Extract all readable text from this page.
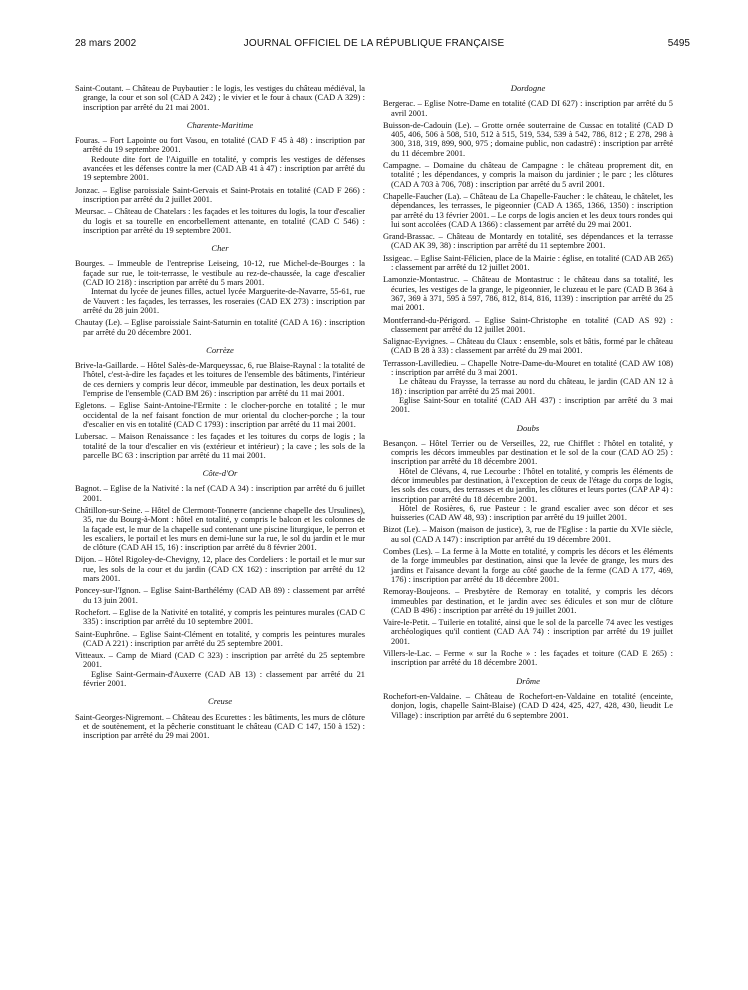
28 mars 2002	JOURNAL OFFICIEL DE LA RÉPUBLIQUE FRANÇAISE	5495
Saint-Coutant. – Château de Puybautier : le logis, les vestiges du château médiéval, la grange, la cour et son sol (CAD A 242) ; le vivier et le four à chaux (CAD A 329) : inscription par arrêté du 21 mai 2001.
Charente-Maritime
Fouras. – Fort Lapointe ou fort Vasou, en totalité (CAD F 45 à 48) : inscription par arrêté du 19 septembre 2001.
Redoute dite fort de l'Aiguille en totalité, y compris les vestiges de défenses avancées et les défenses contre la mer (CAD AB 41 à 47) : inscription par arrêté du 19 septembre 2001.
Jonzac. – Eglise paroissiale Saint-Gervais et Saint-Protais en totalité (CAD F 266) : inscription par arrêté du 2 juillet 2001.
Meursac. – Château de Chatelars : les façades et les toitures du logis, la tour d'escalier du logis et sa tourelle en encorbellement attenante, en totalité (CAD C 546) : inscription par arrêté du 19 septembre 2001.
Cher
Bourges. – Immeuble de l'entreprise Leiseing, 10-12, rue Michel-de-Bourges : la façade sur rue, le toit-terrasse, le vestibule au rez-de-chaussée, la cage d'escalier (CAD IO 218) : inscription par arrêté du 5 mars 2001.
Internat du lycée de jeunes filles, actuel lycée Marguerite-de-Navarre, 55-61, rue de Vauvert : les façades, les terrasses, les roseraies (CAD EX 273) : inscription par arrêté du 28 juin 2001.
Chautay (Le). – Eglise paroissiale Saint-Saturnin en totalité (CAD A 16) : inscription par arrêté du 20 décembre 2001.
Corrèze
Brive-la-Gaillarde. – Hôtel Salès-de-Marqueyssac, 6, rue Blaise-Raynal : la totalité de l'hôtel, c'est-à-dire les façades et les toitures de l'ensemble des bâtiments, l'intérieur de ces derniers y compris leur décor, immeuble par destination, les deux portails et l'emprise de l'ensemble (CAD BM 26) : inscription par arrêté du 11 mai 2001.
Egletons. – Eglise Saint-Antoine-l'Ermite : le clocher-porche en totalité ; le mur occidental de la nef faisant fonction de mur oriental du clocher-porche ; la tour d'escalier en vis en totalité (CAD C 1793) : inscription par arrêté du 11 mai 2001.
Lubersac. – Maison Renaissance : les façades et les toitures du corps de logis ; la totalité de la tour d'escalier en vis (extérieur et intérieur) ; la cave ; les sols de la parcelle BC 63 : inscription par arrêté du 11 mai 2001.
Côte-d'Or
Bagnot. – Eglise de la Nativité : la nef (CAD A 34) : inscription par arrêté du 6 juillet 2001.
Châtillon-sur-Seine. – Hôtel de Clermont-Tonnerre (ancienne chapelle des Ursulines), 35, rue du Bourg-à-Mont : hôtel en totalité, y compris le balcon et les colonnes de la façade est, le mur de la chapelle sud contenant une piscine liturgique, le perron et les escaliers, le portail et les murs en demi-lune sur la rue, le sol du jardin et le mur de clôture (CAD AH 15, 16) : inscription par arrêté du 8 février 2001.
Dijon. – Hôtel Rigoley-de-Chevigny, 12, place des Cordeliers : le portail et le mur sur rue, les sols de la cour et du jardin (CAD CX 162) : inscription par arrêté du 12 mars 2001.
Poncey-sur-l'Ignon. – Eglise Saint-Barthélémy (CAD AB 89) : classement par arrêté du 13 juin 2001.
Rochefort. – Eglise de la Nativité en totalité, y compris les peintures murales (CAD C 335) : inscription par arrêté du 10 septembre 2001.
Saint-Euphrône. – Eglise Saint-Clément en totalité, y compris les peintures murales (CAD A 221) : inscription par arrêté du 25 septembre 2001.
Vitteaux. – Camp de Miard (CAD C 323) : inscription par arrêté du 25 septembre 2001.
Eglise Saint-Germain-d'Auxerre (CAD AB 13) : classement par arrêté du 21 février 2001.
Creuse
Saint-Georges-Nigremont. – Château des Ecurettes : les bâtiments, les murs de clôture et de soutènement, et la pêcherie constituant le château (CAD C 147, 150 à 152) : inscription par arrêté du 29 mai 2001.
Dordogne
Bergerac. – Eglise Notre-Dame en totalité (CAD DI 627) : inscription par arrêté du 5 avril 2001.
Buisson-de-Cadouin (Le). – Grotte ornée souterraine de Cussac en totalité (CAD D 405, 406, 506 à 508, 510, 512 à 515, 519, 534, 539 à 542, 786, 812 ; E 278, 298 à 300, 318, 319, 899, 900, 975 ; domaine public, non cadastré) : inscription par arrêté du 11 décembre 2001.
Campagne. – Domaine du château de Campagne : le château proprement dit, en totalité ; les dépendances, y compris la maison du jardinier ; le parc ; les clôtures (CAD A 703 à 706, 708) : inscription par arrêté du 5 avril 2001.
Chapelle-Faucher (La). – Château de La Chapelle-Faucher : le château, le châtelet, les dépendances, les terrasses, le pigeonnier (CAD A 1365, 1366, 1350) : inscription par arrêté du 13 février 2001. – Le corps de logis ancien et les deux tours rondes qui lui sont accolées (CAD A 1366) : classement par arrêté du 29 mai 2001.
Grand-Brassac. – Château de Montardy en totalité, ses dépendances et la terrasse (CAD AK 39, 38) : inscription par arrêté du 11 septembre 2001.
Issigeac. – Eglise Saint-Félicien, place de la Mairie : église, en totalité (CAD AB 265) : classement par arrêté du 12 juillet 2001.
Lamonzie-Montastruc. – Château de Montastruc : le château dans sa totalité, les écuries, les vestiges de la grange, le pigeonnier, le cluzeau et le parc (CAD B 364 à 367, 369 à 371, 595 à 597, 786, 812, 814, 816, 1139) : inscription par arrêté du 25 mai 2001.
Montferrand-du-Périgord. – Eglise Saint-Christophe en totalité (CAD AS 92) : classement par arrêté du 12 juillet 2001.
Salignac-Eyvignes. – Château du Claux : ensemble, sols et bâtis, formé par le château (CAD B 28 à 33) : classement par arrêté du 29 mai 2001.
Terrasson-Lavilledieu. – Chapelle Notre-Dame-du-Mouret en totalité (CAD AW 108) : inscription par arrêté du 3 mai 2001.
Le château du Fraysse, la terrasse au nord du château, le jardin (CAD AN 12 à 18) : inscription par arrêté du 25 mai 2001.
Eglise Saint-Sour en totalité (CAD AH 437) : inscription par arrêté du 3 mai 2001.
Doubs
Besançon. – Hôtel Terrier ou de Verseilles, 22, rue Chifflet : l'hôtel en totalité, y compris les décors immeubles par destination et le sol de la cour (CAD AO 25) : inscription par arrêté du 18 décembre 2001.
Hôtel de Clévans, 4, rue Lecourbe : l'hôtel en totalité, y compris les éléments de décor immeubles par destination, à l'exception de ceux de l'étage du corps de logis, les sols des cours, des terrasses et du jardin, les clôtures et leurs portes (CAP AP 4) : inscription par arrêté du 18 décembre 2001.
Hôtel de Rosières, 6, rue Pasteur : le grand escalier avec son décor et ses huisseries (CAD AW 48, 93) : inscription par arrêté du 19 juillet 2001.
Bizot (Le). – Maison (maison de justice), 3, rue de l'Eglise : la partie du XVIe siècle, au sol (CAD A 147) : inscription par arrêté du 19 décembre 2001.
Combes (Les). – La ferme à la Motte en totalité, y compris les décors et les éléments de la forge immeubles par destination, ainsi que la levée de grange, les murs des jardins et l'aisance devant la forge au côté gauche de la ferme (CAD A 177, 469, 176) : inscription par arrêté du 18 décembre 2001.
Remoray-Boujeons. – Presbytère de Remoray en totalité, y compris les décors immeubles par destination, et le jardin avec ses édicules et son mur de clôture (CAD B 496) : inscription par arrêté du 19 juillet 2001.
Vaire-le-Petit. – Tuilerie en totalité, ainsi que le sol de la parcelle 74 avec les vestiges archéologiques qu'il contient (CAD AA 74) : inscription par arrêté du 19 juillet 2001.
Villers-le-Lac. – Ferme « sur la Roche » : les façades et toiture (CAD E 265) : inscription par arrêté du 18 décembre 2001.
Drôme
Rochefort-en-Valdaine. – Château de Rochefort-en-Valdaine en totalité (enceinte, donjon, logis, chapelle Saint-Blaise) (CAD D 424, 425, 427, 428, 430, lieudit Le Village) : inscription par arrêté du 6 septembre 2001.
